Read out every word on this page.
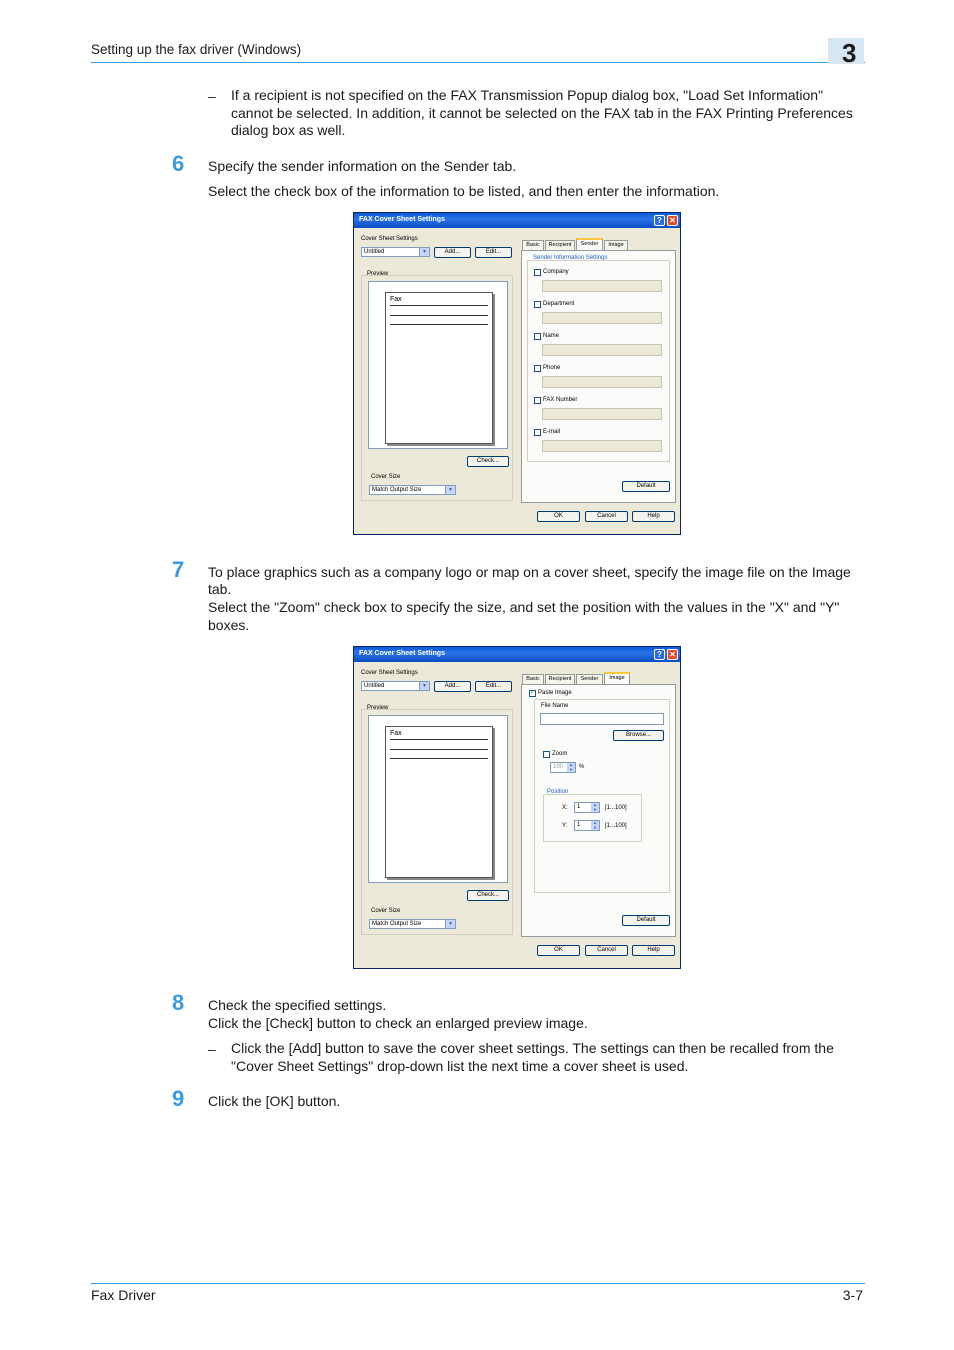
Setting up the fax driver (Windows)	3
– If a recipient is not specified on the FAX Transmission Popup dialog box, "Load Set Information"
cannot be selected. In addition, it cannot be selected on the FAX tab in the FAX Printing Preferences
dialog box as well.
6 Specify the sender information on the Sender tab.
Select the check box of the information to be listed, and then enter the information.
FAX Cover Sheet Settings	? ✕
Cover Sheet Settings
Untitled	▼	Add...	Edit...
Preview
Fax
Check...
Cover Size
Match Output Size	▼
Basic	Recipient	Sender	Image
Sender Information Settings
Company
Department
Name
Phone
FAX Number
E-mail
Default
OK	Cancel	Help
7 To place graphics such as a company logo or map on a cover sheet, specify the image file on the Image
tab.
Select the "Zoom" check box to specify the size, and set the position with the values in the "X" and "Y"
boxes.
FAX Cover Sheet Settings	? ✕
Cover Sheet Settings
Untitled	▼	Add...	Edit...
Preview
Fax
Check...
Cover Size
Match Output Size	▼
Basic	Recipient	Sender	Image
✓ Paste Image
File Name
Browse...
Zoom
100	▲
▼	%
Position
X: 1	▲
▼	[1...100]
Y: 1	▲
▼	[1...100]
Default
OK	Cancel	Help
8 Check the specified settings.
Click the [Check] button to check an enlarged preview image.
– Click the [Add] button to save the cover sheet settings. The settings can then be recalled from the
"Cover Sheet Settings" drop-down list the next time a cover sheet is used.
9 Click the [OK] button.
Fax Driver	3-7
